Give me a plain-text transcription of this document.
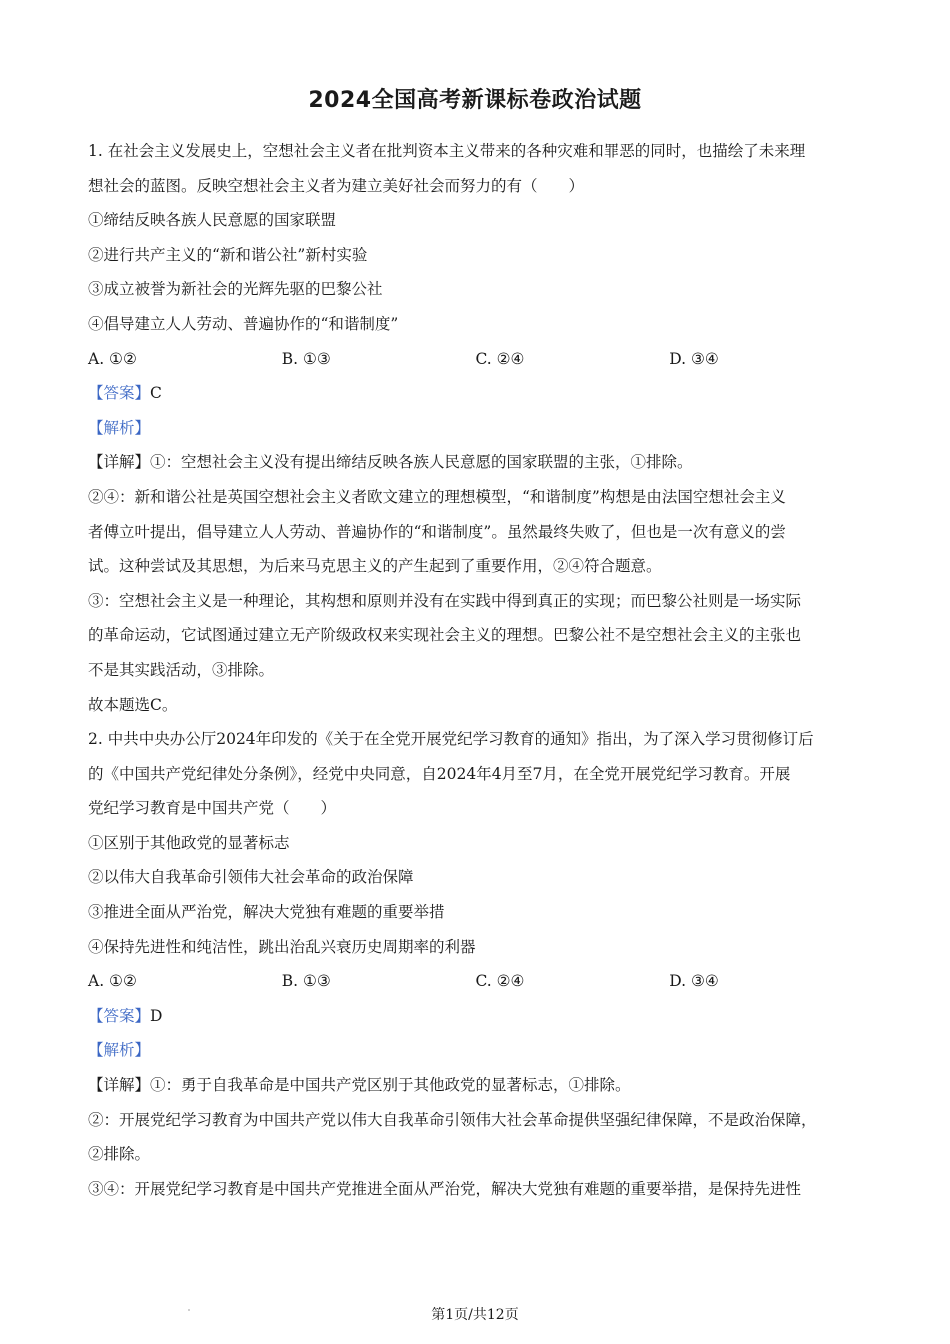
2024全国高考新课标卷政治试题
1. 在社会主义发展史上，空想社会主义者在批判资本主义带来的各种灾难和罪恶的同时，也描绘了未来理
想社会的蓝图。反映空想社会主义者为建立美好社会而努力的有（　　）
①缔结反映各族人民意愿的国家联盟
②进行共产主义的“新和谐公社”新村实验
③成立被誉为新社会的光辉先驱的巴黎公社
④倡导建立人人劳动、普遍协作的“和谐制度”
A. ①②	B. ①③	C. ②④	D. ③④
【答案】C
【解析】
【详解】①：空想社会主义没有提出缔结反映各族人民意愿的国家联盟的主张，①排除。
②④：新和谐公社是英国空想社会主义者欧文建立的理想模型，“和谐制度”构想是由法国空想社会主义
者傅立叶提出，倡导建立人人劳动、普遍协作的“和谐制度”。虽然最终失败了，但也是一次有意义的尝
试。这种尝试及其思想，为后来马克思主义的产生起到了重要作用，②④符合题意。
③：空想社会主义是一种理论，其构想和原则并没有在实践中得到真正的实现；而巴黎公社则是一场实际
的革命运动，它试图通过建立无产阶级政权来实现社会主义的理想。巴黎公社不是空想社会主义的主张也
不是其实践活动，③排除。
故本题选C。
2. 中共中央办公厅2024年印发的《关于在全党开展党纪学习教育的通知》指出，为了深入学习贯彻修订后
的《中国共产党纪律处分条例》，经党中央同意，自2024年4月至7月，在全党开展党纪学习教育。开展
党纪学习教育是中国共产党（　　）
①区别于其他政党的显著标志
②以伟大自我革命引领伟大社会革命的政治保障
③推进全面从严治党，解决大党独有难题的重要举措
④保持先进性和纯洁性，跳出治乱兴衰历史周期率的利器
A. ①②	B. ①③	C. ②④	D. ③④
【答案】D
【解析】
【详解】①：勇于自我革命是中国共产党区别于其他政党的显著标志，①排除。
②：开展党纪学习教育为中国共产党以伟大自我革命引领伟大社会革命提供坚强纪律保障，不是政治保障，
②排除。
③④：开展党纪学习教育是中国共产党推进全面从严治党，解决大党独有难题的重要举措，是保持先进性
第1页/共12页
